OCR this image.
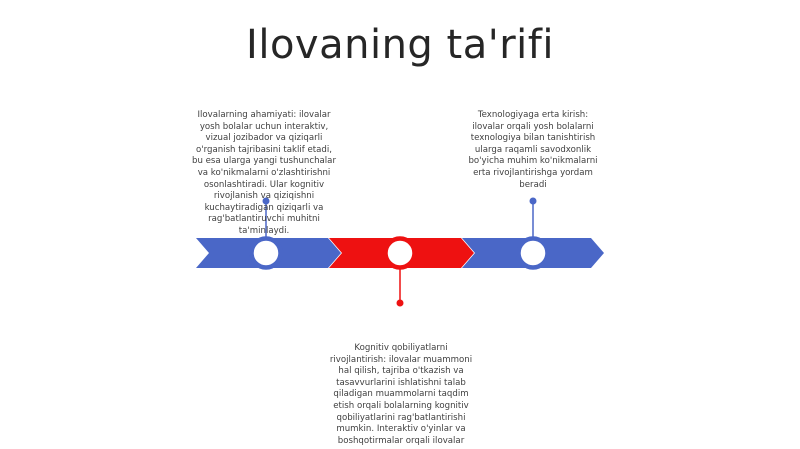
Ilovaning ta'rifi
Ilovalarning ahamiyati: ilovalar yosh bolalar uchun interaktiv, vizual jozibador va qiziqarli o'rganish tajribasini taklif etadi, bu esa ularga yangi tushunchalar va ko'nikmalarni o'zlashtirishni osonlashtiradi. Ular kognitiv rivojlanish va qiziqishni kuchaytiradigan qiziqarli va rag'batlantiruvchi muhitni ta'minlaydi.
Texnologiyaga erta kirish: ilovalar orqali yosh bolalarni texnologiya bilan tanishtirish ularga raqamli savodxonlik bo'yicha muhim ko'nikmalarni erta rivojlantirishga yordam beradi
Kognitiv qobiliyatlarni rivojlantirish: ilovalar muammoni hal qilish, tajriba o'tkazish va tasavvurlarini ishlatishni talab qiladigan muammolarni taqdim etish orqali bolalarning kognitiv qobiliyatlarini rag'batlantirishi mumkin. Interaktiv o'yinlar va boshqotirmalar orqali ilovalar
